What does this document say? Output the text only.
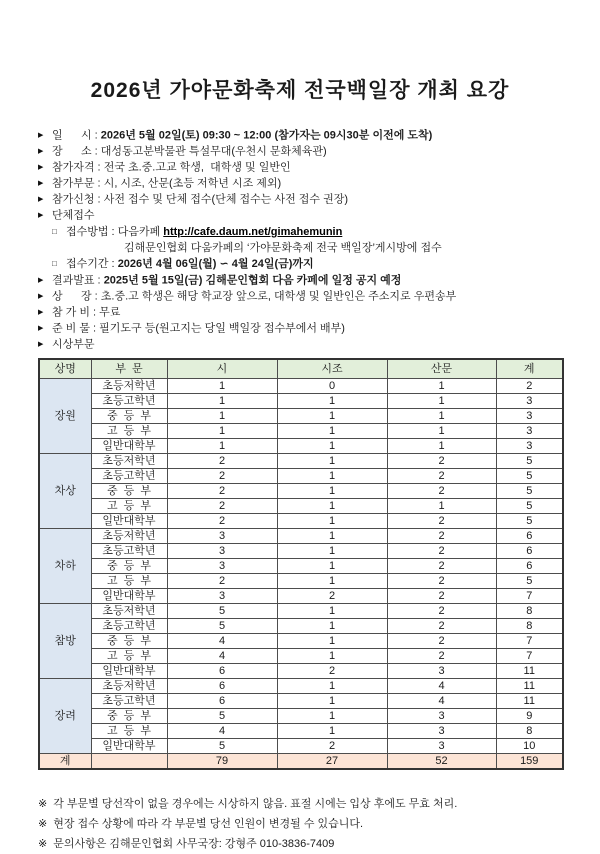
2026년 가야문화축제 전국백일장 개최 요강
▶ 일      시 : 2026년 5월 02일(토) 09:30 ~ 12:00 (참가자는 09시30분 이전에 도착)
▶ 장      소 : 대성동고분박물관 특설무대(우천시 문화체육관)
▶ 참가자격 : 전국 초.중.고교 학생,  대학생 및 일반인
▶ 참가부문 : 시, 시조, 산문(초등 저학년 시조 제외)
▶ 참가신청 : 사전 접수 및 단체 접수(단체 접수는 사전 접수 권장)
▶ 단체접수
□ 접수방법 : 다음카페 http://cafe.daum.net/gimahemunin
김해문인협회 다움카페의 ‘가야문화축제 전국 백일장’게시방에 접수
□ 접수기간 : 2026년 4월 06일(월) ∽ 4월 24일(금)까지
▶ 결과발표 : 2025년 5월 15일(금) 김해문인협회 다음 카페에 일정 공지 예정
▶ 상      장 : 초.중.고 학생은 해당 학교장 앞으로, 대학생 및 일반인은 주소지로 우편송부
▶ 참 가 비 : 무료
▶ 준 비 물 : 필기도구 등(원고지는 당일 백일장 접수부에서 배부)
▶ 시상부문
상명	부  문	시	시조	산문	계
장원	초등저학년	1	0	1	2
	초등고학년	1	1	1	3
	중  등  부	1	1	1	3
	고  등  부	1	1	1	3
	일반대학부	1	1	1	3
차상	초등저학년	2	1	2	5
	초등고학년	2	1	2	5
	중  등  부	2	1	2	5
	고  등  부	2	1	1	5
	일반대학부	2	1	2	5
차하	초등저학년	3	1	2	6
	초등고학년	3	1	2	6
	중  등  부	3	1	2	6
	고  등  부	2	1	2	5
	일반대학부	3	2	2	7
참방	초등저학년	5	1	2	8
	초등고학년	5	1	2	8
	중  등  부	4	1	2	7
	고  등  부	4	1	2	7
	일반대학부	6	2	3	11
장려	초등저학년	6	1	4	11
	초등고학년	6	1	4	11
	중  등  부	5	1	3	9
	고  등  부	4	1	3	8
	일반대학부	5	2	3	10
계		79	27	52	159
※ 각 부문별 당선작이 없을 경우에는 시상하지 않음. 표절 시에는 입상 후에도 무효 처리.
※ 현장 접수 상황에 따라 각 부문별 당선 인원이 변경될 수 있습니다.
※ 문의사항은 김해문인협회 사무국장: 강형주 010-3836-7409
